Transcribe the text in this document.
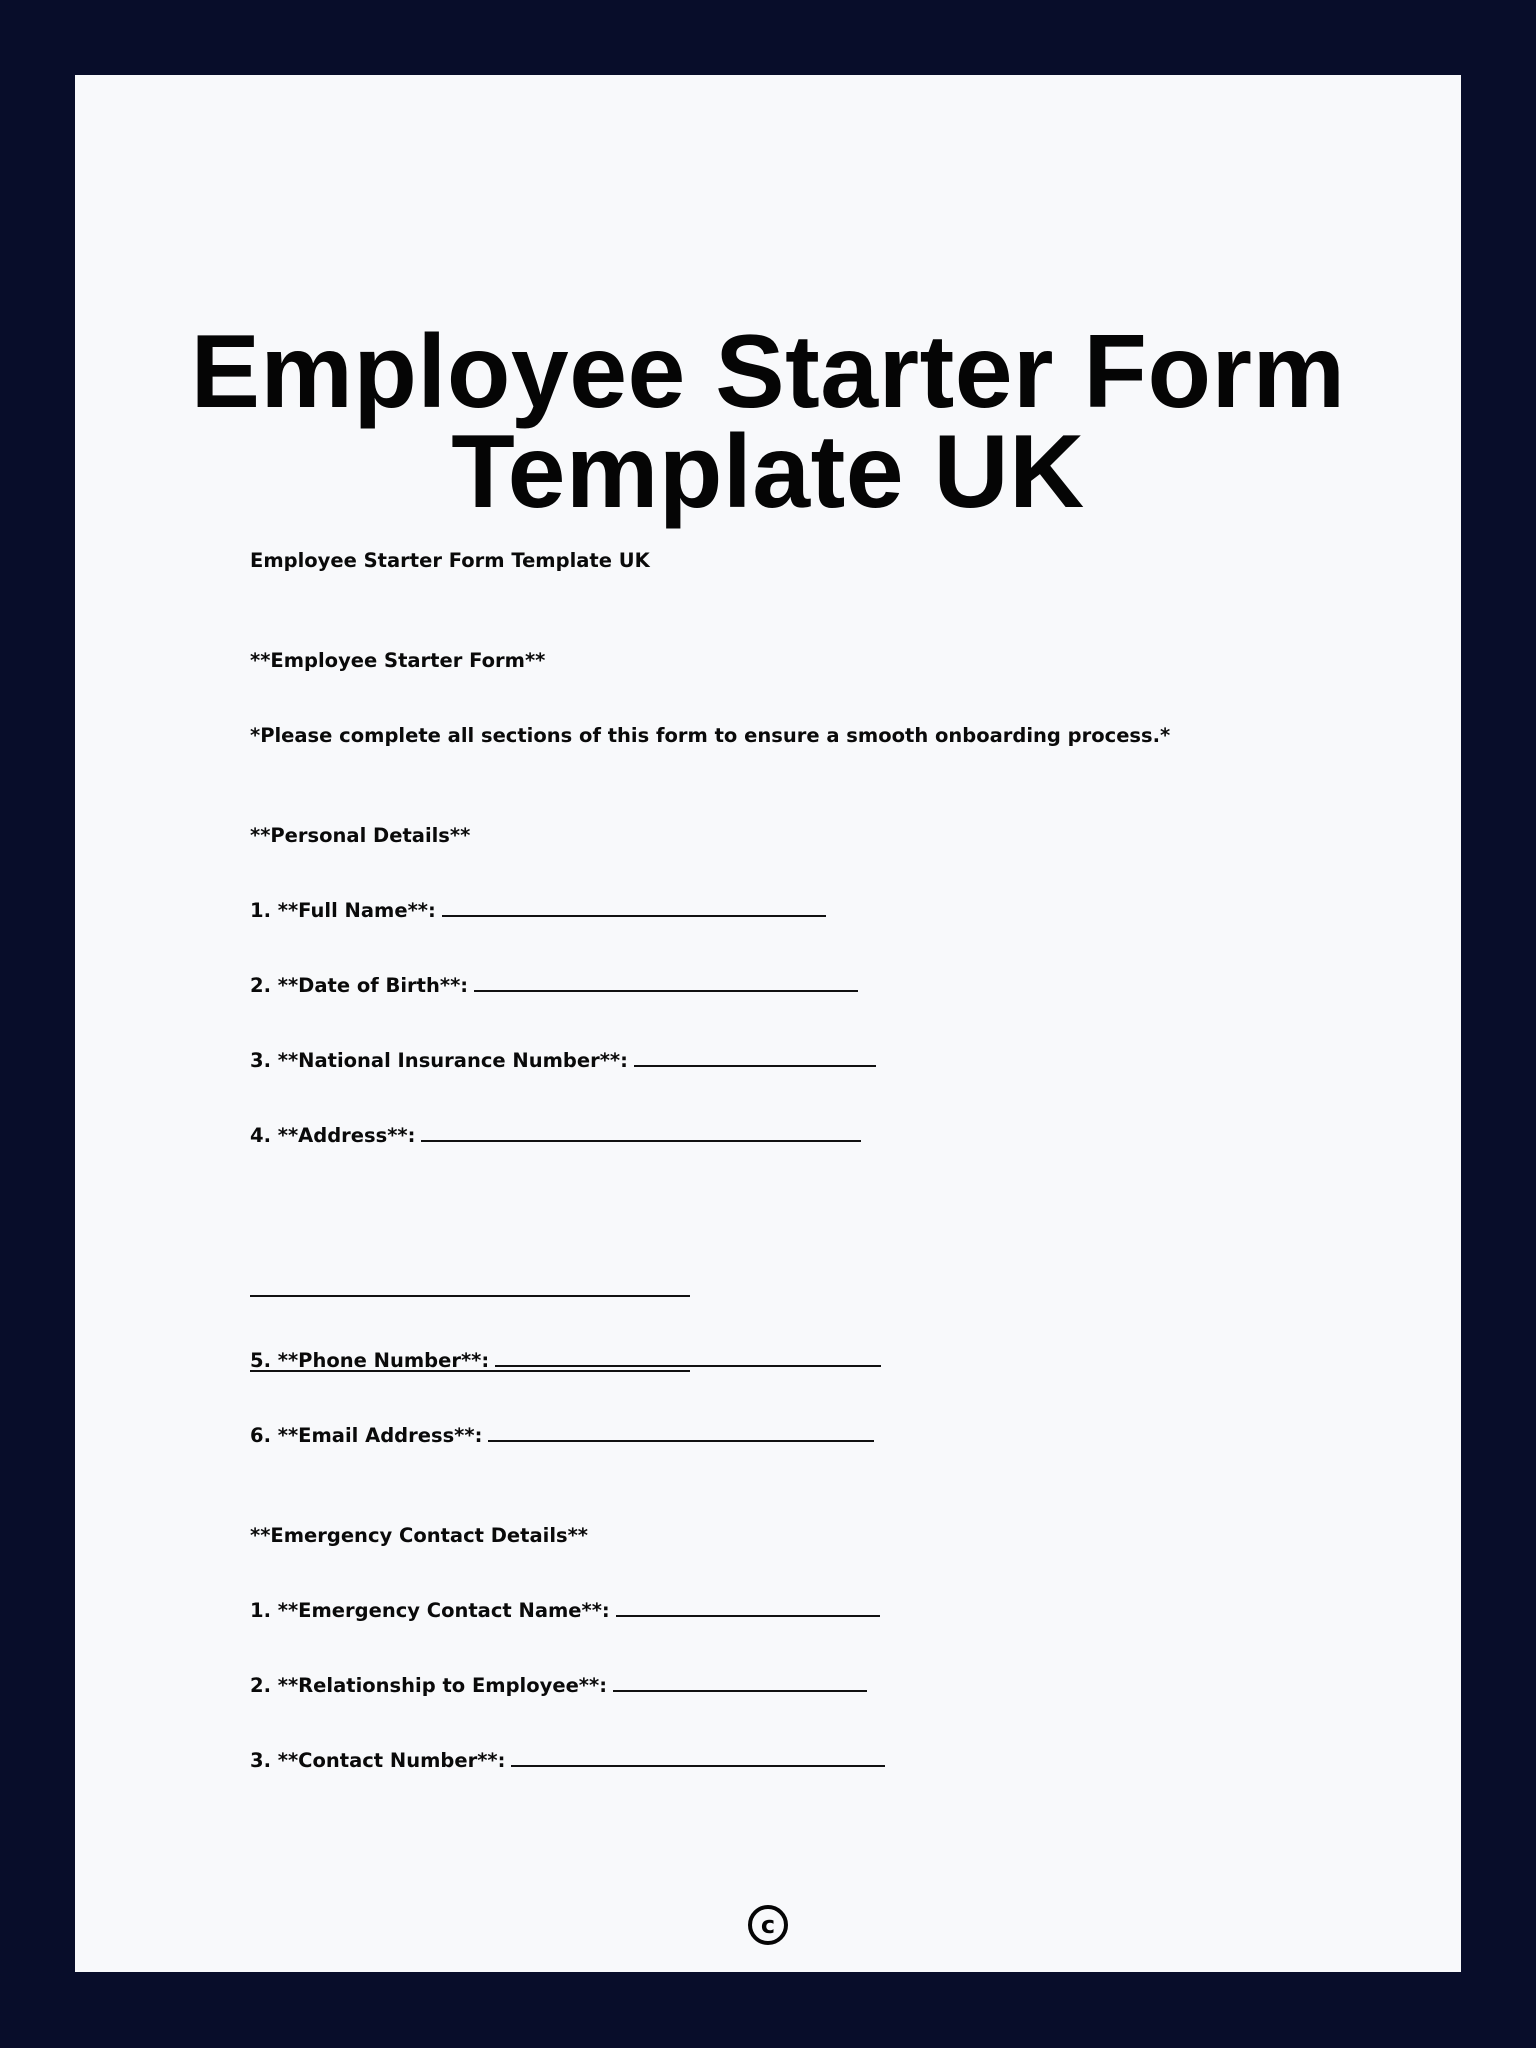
Employee Starter Form
Template UK

Employee Starter Form Template UK

**Employee Starter Form**

*Please complete all sections of this form to ensure a smooth onboarding process.*

**Personal Details**

1. **Full Name**:

2. **Date of Birth**:

3. **National Insurance Number**:

4. **Address**:

5. **Phone Number**:

6. **Email Address**:

**Emergency Contact Details**

1. **Emergency Contact Name**:

2. **Relationship to Employee**:

3. **Contact Number**:

c
